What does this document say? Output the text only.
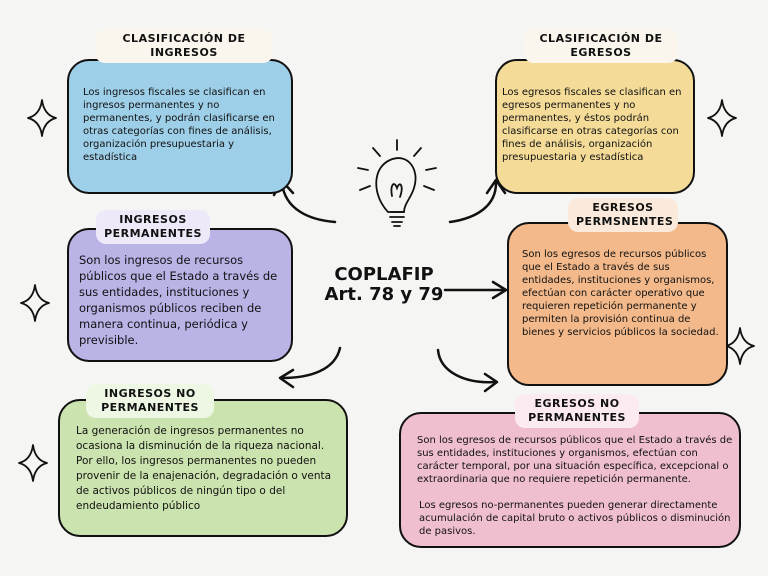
CLASIFICACIÓN DE INGRESOS
Los ingresos fiscales se clasifican en ingresos permanentes y no permanentes, y podrán clasificarse en otras categorías con fines de análisis, organización presupuestaria y estadística
CLASIFICACIÓN DE EGRESOS
Los egresos fiscales se clasifican en egresos permanentes y no permanentes, y éstos podrán clasificarse en otras categorías con fines de análisis, organización presupuestaria y estadística
INGRESOS PERMANENTES
Son los ingresos de recursos públicos que el Estado a través de sus entidades, instituciones y organismos públicos reciben de manera continua, periódica y previsible.
EGRESOS PERMSNENTES
Son los egresos de recursos públicos que el Estado a través de sus entidades, instituciones y organismos, efectúan con carácter operativo que requieren repetición permanente y permiten la provisión continua de bienes y servicios públicos la sociedad.
INGRESOS NO PERMANENTES
La generación de ingresos permanentes no ocasiona la disminución de la riqueza nacional. Por ello, los ingresos permanentes no pueden provenir de la enajenación, degradación o venta de activos públicos de ningún tipo o del endeudamiento público
EGRESOS NO PERMANENTES
Son los egresos de recursos públicos que el Estado a través de sus entidades, instituciones y organismos, efectúan con carácter temporal, por una situación específica, excepcional o extraordinaria que no requiere repetición permanente.
Los egresos no-permanentes pueden generar directamente acumulación de capital bruto o activos públicos o disminución de pasivos.
COPLAFIP
Art. 78 y 79
